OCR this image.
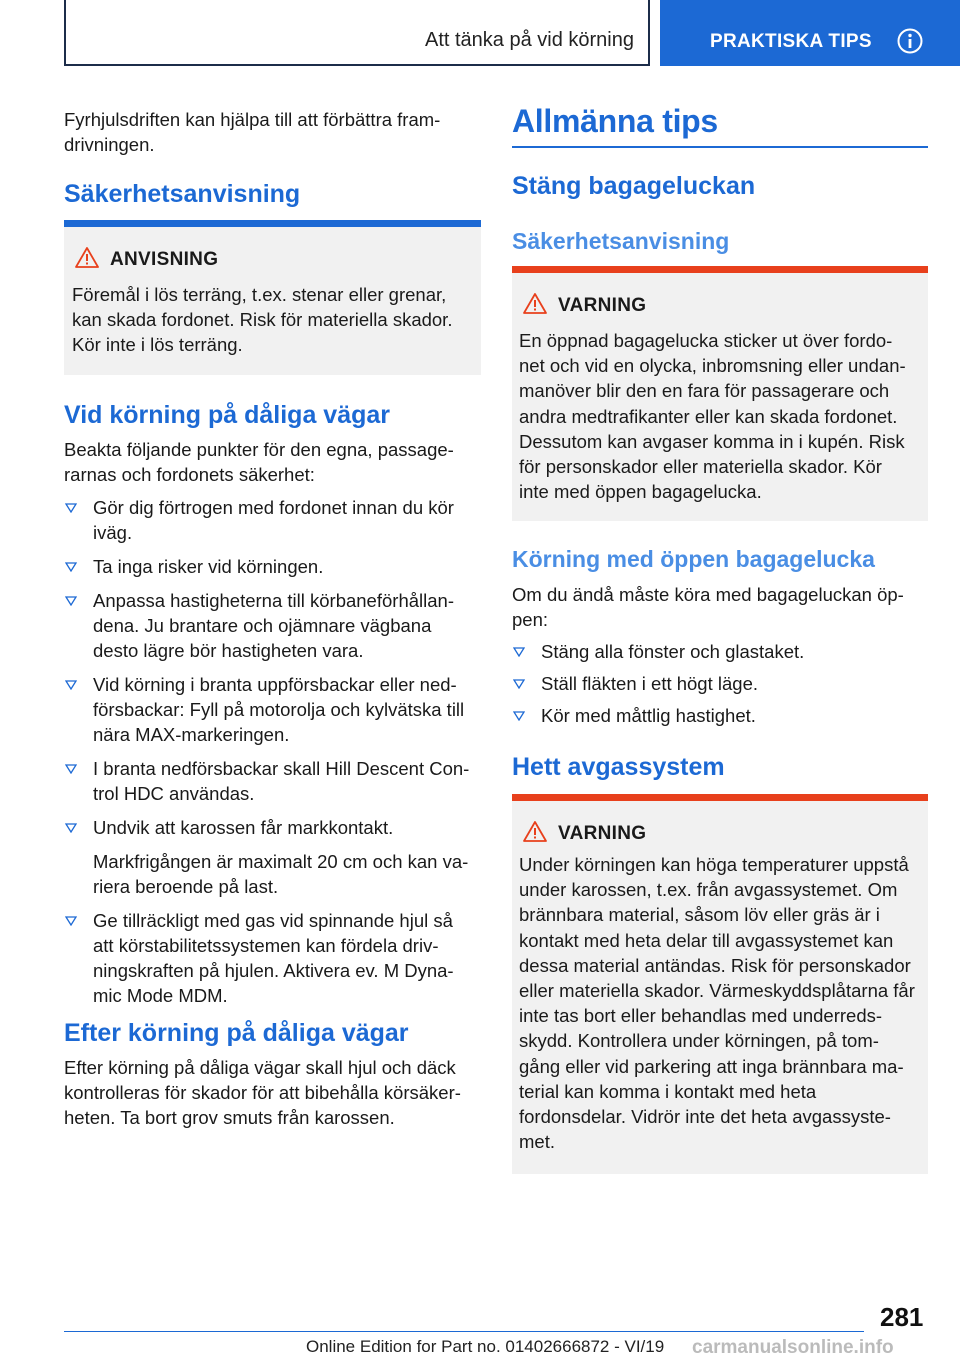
Att tänka på vid körning	PRAKTISKA TIPS

Fyrhjulsdriften kan hjälpa till att förbättra fram-
drivningen.

Säkerhetsanvisning
ANVISNING

Föremål i lös terräng, t.ex. stenar eller grenar,
kan skada fordonet. Risk för materiella skador.
Kör inte i lös terräng.

Vid körning på dåliga vägar

Beakta följande punkter för den egna, passage-
rarnas och fordonets säkerhet:

Gör dig förtrogen med fordonet innan du kör
iväg.
Ta inga risker vid körningen.
Anpassa hastigheterna till körbaneförhållan-
dena. Ju brantare och ojämnare vägbana
desto lägre bör hastigheten vara.
Vid körning i branta uppförsbackar eller ned-
försbackar: Fyll på motorolja och kylvätska till
nära MAX-markeringen.
I branta nedförsbackar skall Hill Descent Con-
trol HDC användas.
Undvik att karossen får markkontakt.
Markfrigången är maximalt 20 cm och kan va-
riera beroende på last.
Ge tillräckligt med gas vid spinnande hjul så
att körstabilitetssystemen kan fördela driv-
ningskraften på hjulen. Aktivera ev. M Dyna-
mic Mode MDM.
Efter körning på dåliga vägar

Efter körning på dåliga vägar skall hjul och däck
kontrolleras för skador för att bibehålla körsäker-
heten. Ta bort grov smuts från karossen.

Allmänna tips
Stäng bagageluckan
Säkerhetsanvisning
VARNING

En öppnad bagagelucka sticker ut över fordo-
net och vid en olycka, inbromsning eller undan-
manöver blir den en fara för passagerare och
andra medtrafikanter eller kan skada fordonet.
Dessutom kan avgaser komma in i kupén. Risk
för personskador eller materiella skador. Kör
inte med öppen bagagelucka.

Körning med öppen bagagelucka

Om du ändå måste köra med bagageluckan öp-
pen:

Stäng alla fönster och glastaket.
Ställ fläkten i ett högt läge.
Kör med måttlig hastighet.
Hett avgassystem
VARNING

Under körningen kan höga temperaturer uppstå
under karossen, t.ex. från avgassystemet. Om
brännbara material, såsom löv eller gräs är i
kontakt med heta delar till avgassystemet kan
dessa material antändas. Risk för personskador
eller materiella skador. Värmeskyddsplåtarna får
inte tas bort eller behandlas med underreds-
skydd. Kontrollera under körningen, på tom-
gång eller vid parkering att inga brännbara ma-
terial kan komma i kontakt med heta
fordonsdelar. Vidrör inte det heta avgassyste-
met.

281
Online Edition for Part no. 01402666872 - VI/19 carmanualsonline.info
